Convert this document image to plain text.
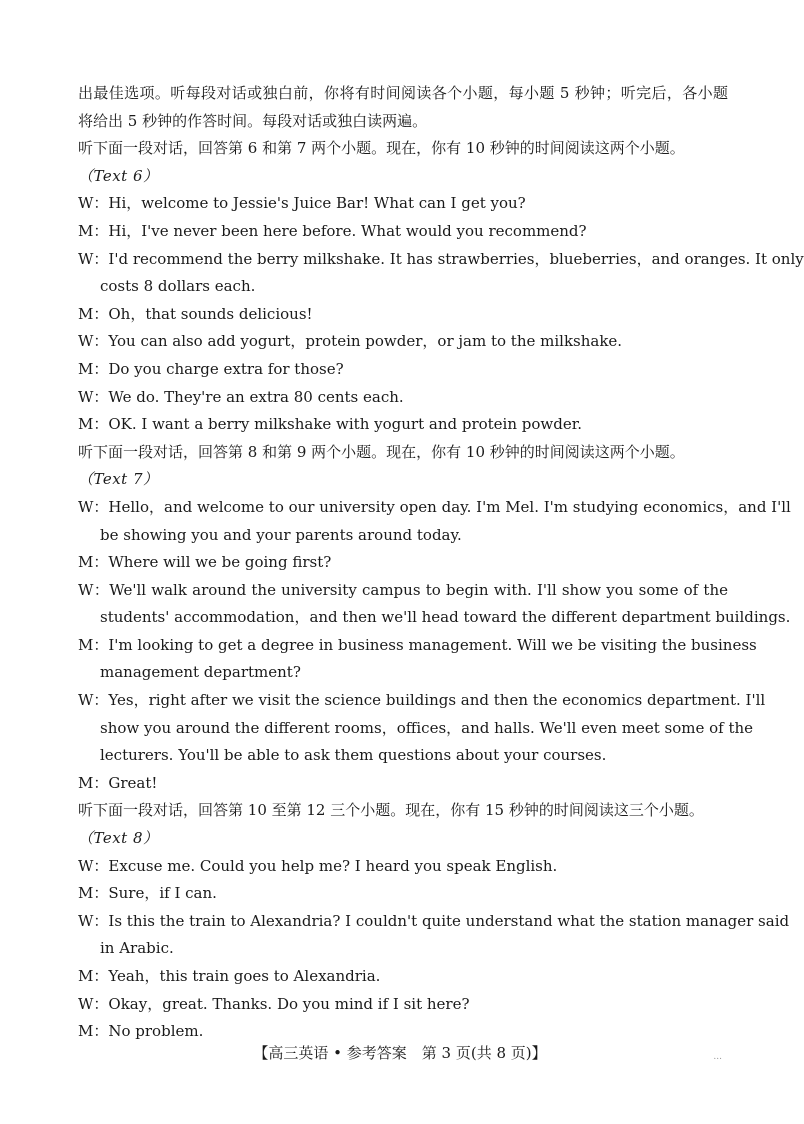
出最佳选项。听每段对话或独白前，你将有时间阅读各个小题，每小题 5 秒钟；听完后，各小题
将给出 5 秒钟的作答时间。每段对话或独白读两遍。
听下面一段对话，回答第 6 和第 7 两个小题。现在，你有 10 秒钟的时间阅读这两个小题。
（Text 6）
W：Hi，welcome to Jessie's Juice Bar! What can I get you?
M：Hi，I've never been here before. What would you recommend?
W：I'd recommend the berry milkshake. It has strawberries，blueberries，and oranges. It only
costs 8 dollars each.
M：Oh，that sounds delicious!
W：You can also add yogurt，protein powder，or jam to the milkshake.
M：Do you charge extra for those?
W：We do. They're an extra 80 cents each.
M：OK. I want a berry milkshake with yogurt and protein powder.
听下面一段对话，回答第 8 和第 9 两个小题。现在，你有 10 秒钟的时间阅读这两个小题。
（Text 7）
W：Hello，and welcome to our university open day. I'm Mel. I'm studying economics，and I'll
be showing you and your parents around today.
M：Where will we be going first?
W：We'll walk around the university campus to begin with. I'll show you some of the
students' accommodation，and then we'll head toward the different department buildings.
M：I'm looking to get a degree in business management. Will we be visiting the business
management department?
W：Yes，right after we visit the science buildings and then the economics department. I'll
show you around the different rooms，offices，and halls. We'll even meet some of the
lecturers. You'll be able to ask them questions about your courses.
M：Great!
听下面一段对话，回答第 10 至第 12 三个小题。现在，你有 15 秒钟的时间阅读这三个小题。
（Text 8）
W：Excuse me. Could you help me? I heard you speak English.
M：Sure，if I can.
W：Is this the train to Alexandria? I couldn't quite understand what the station manager said
in Arabic.
M：Yeah，this train goes to Alexandria.
W：Okay，great. Thanks. Do you mind if I sit here?
M：No problem.
【高三英语 • 参考答案　第 3 页(共 8 页)】	...
